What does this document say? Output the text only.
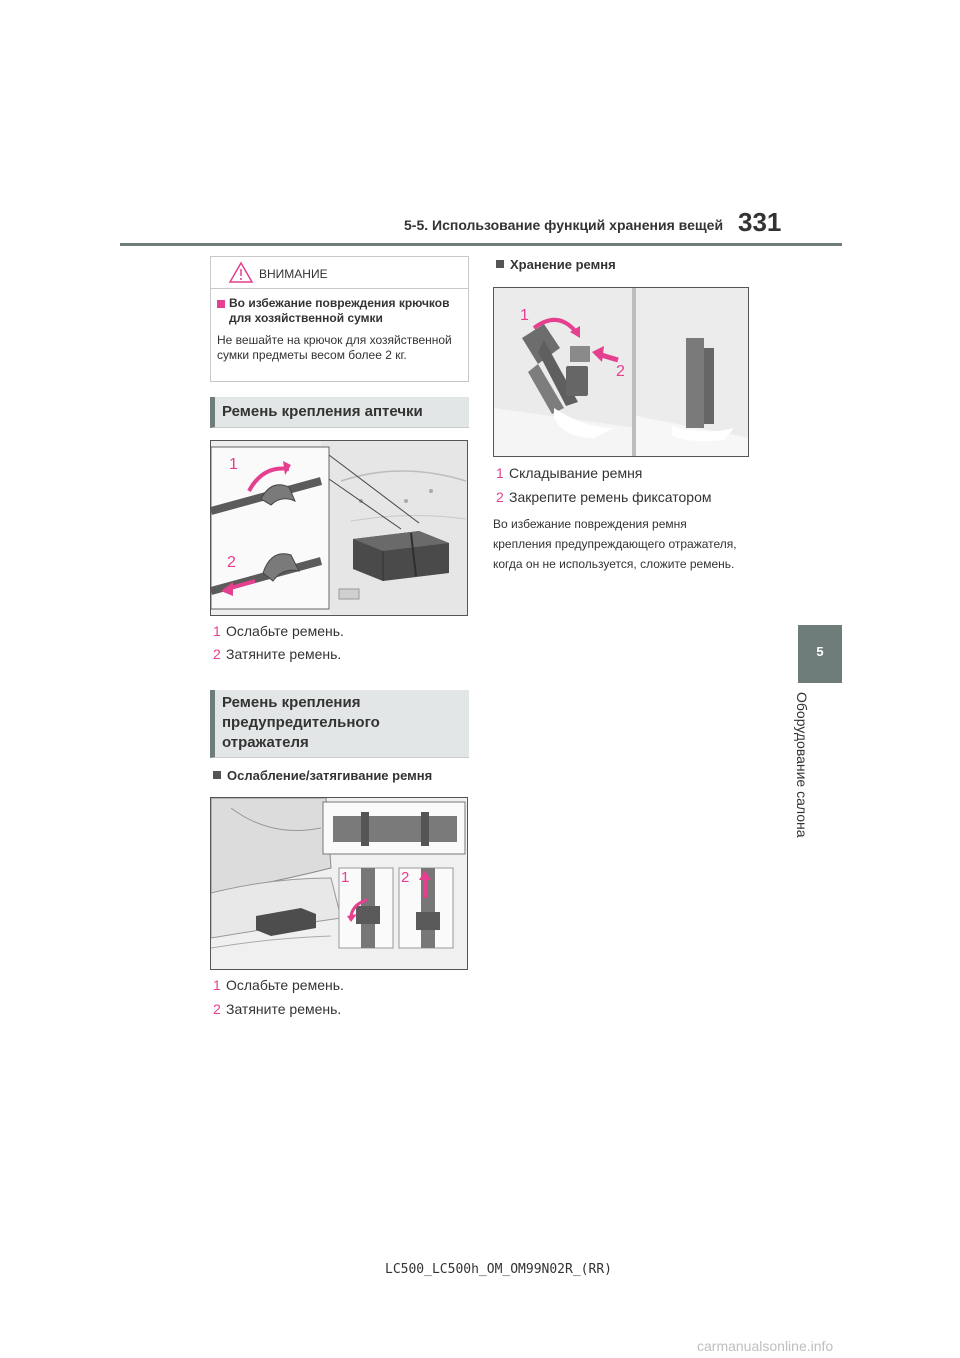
5-5. Использование функций хранения вещей 331
5
Оборудование салона
ВНИМАНИЕ
Во избежание повреждения крючков для хозяйственной сумки
Не вешайте на крючок для хозяйственной сумки предметы весом более 2 кг.
Ремень крепления аптечки
1
2
1 Ослабьте ремень.
2 Затяните ремень.
Ремень крепления предупредительного отражателя
Ослабление/затягивание ремня
1	2
1 Ослабьте ремень.
2 Затяните ремень.
Хранение ремня
1
2
1 Складывание ремня
2 Закрепите ремень фиксатором
Во избежание повреждения ремня крепления предупреждающего отражателя, когда он не используется, сложите ремень.
LC500_LC500h_OM_OM99N02R_(RR)
carmanualsonline.info
